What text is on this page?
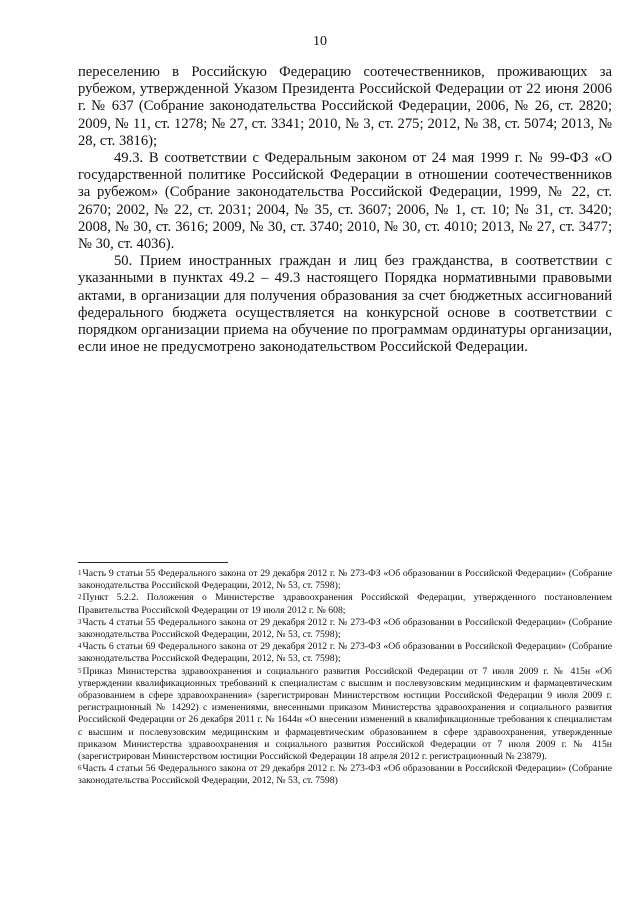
10

переселению в Российскую Федерацию соотечественников, проживающих за рубежом, утвержденной Указом Президента Российской Федерации от 22 июня 2006 г. № 637 (Собрание законодательства Российской Федерации, 2006, № 26, ст. 2820; 2009, № 11, ст. 1278; № 27, ст. 3341; 2010, № 3, ст. 275; 2012, № 38, ст. 5074; 2013, № 28, ст. 3816);

49.3. В соответствии с Федеральным законом от 24 мая 1999 г. № 99-ФЗ «О государственной политике Российской Федерации в отношении соотечественников за рубежом» (Собрание законодательства Российской Федерации, 1999, № 22, ст. 2670; 2002, № 22, ст. 2031; 2004, № 35, ст. 3607; 2006, № 1, ст. 10; № 31, ст. 3420; 2008, № 30, ст. 3616; 2009, № 30, ст. 3740; 2010, № 30, ст. 4010; 2013, № 27, ст. 3477; № 30, ст. 4036).

50. Прием иностранных граждан и лиц без гражданства, в соответствии с указанными в пунктах 49.2 – 49.3 настоящего Порядка нормативными правовыми актами, в организации для получения образования за счет бюджетных ассигнований федерального бюджета осуществляется на конкурсной основе в соответствии с порядком организации приема на обучение по программам ординатуры организации, если иное не предусмотрено законодательством Российской Федерации.

$^1$Часть 9 статьи 55 Федерального закона от 29 декабря 2012 г. № 273-ФЗ «Об образовании в Российской Федерации» (Собрание законодательства Российской Федерации, 2012, № 53, ст. 7598);

$^2$Пункт 5.2.2. Положения о Министерстве здравоохранения Российской Федерации, утвержденного постановлением Правительства Российской Федерации от 19 июля 2012 г. № 608;

$^3$Часть 4 статьи 55 Федерального закона от 29 декабря 2012 г. № 273-ФЗ «Об образовании в Российской Федерации» (Собрание законодательства Российской Федерации, 2012, № 53, ст. 7598);

$^4$Часть 6 статьи 69 Федерального закона от 29 декабря 2012 г. № 273-ФЗ «Об образовании в Российской Федерации» (Собрание законодательства Российской Федерации, 2012, № 53, ст. 7598);

$^5$Приказ Министерства здравоохранения и социального развития Российской Федерации от 7 июля 2009 г. № 415н «Об утверждении квалификационных требований к специалистам с высшим и послевузовским медицинским и фармацевтическим образованием в сфере здравоохранения» (зарегистрирован Министерством юстиции Российской Федерации 9 июля 2009 г. регистрационный № 14292) с изменениями, внесенными приказом Министерства здравоохранения и социального развития Российской Федерации от 26 декабря 2011 г. № 1644н «О внесении изменений в квалификационные требования к специалистам с высшим и послевузовским медицинским и фармацевтическим образованием в сфере здравоохранения, утвержденные приказом Министерства здравоохранения и социального развития Российской Федерации от 7 июля 2009 г. № 415н (зарегистрирован Министерством юстиции Российской Федерации 18 апреля 2012 г. регистрационный № 23879).

$^6$Часть 4 статьи 56 Федерального закона от 29 декабря 2012 г. № 273-ФЗ «Об образовании в Российской Федерации» (Собрание законодательства Российской Федерации, 2012, № 53, ст. 7598)
